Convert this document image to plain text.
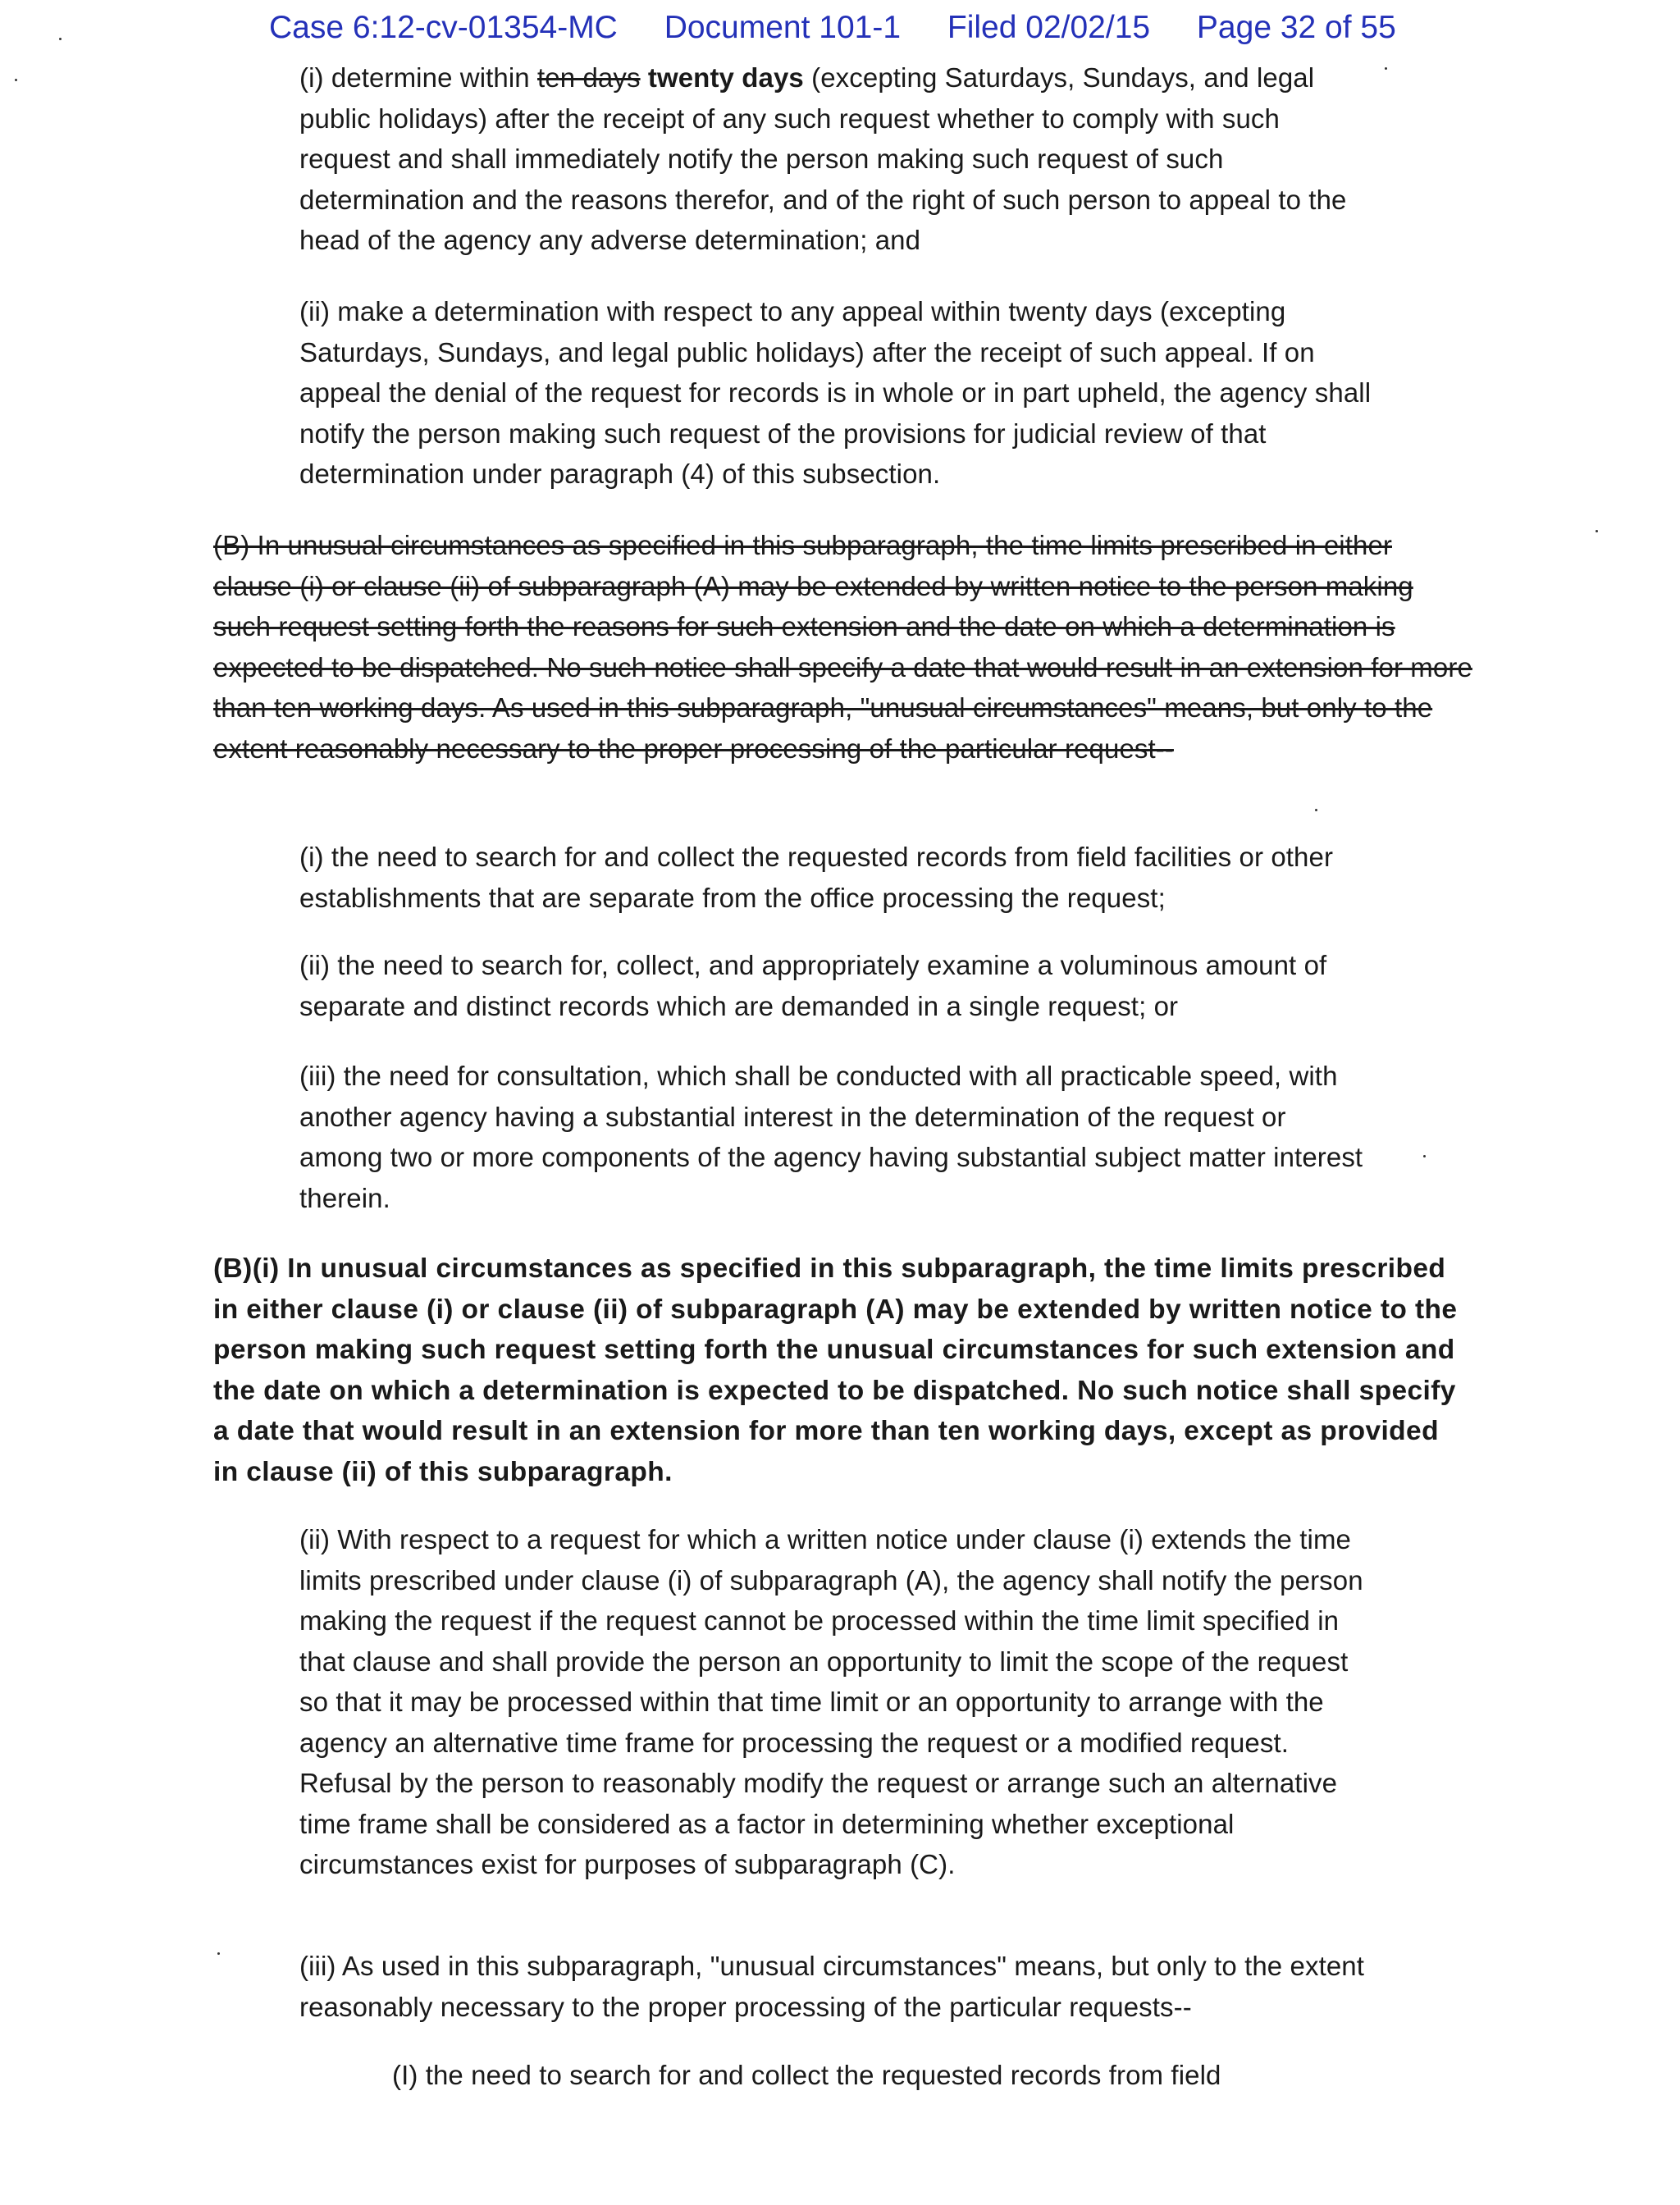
Case 6:12-cv-01354-MC Document 101-1 Filed 02/02/15 Page 32 of 55
(i) determine within ten days twenty days (excepting Saturdays, Sundays, and legal public holidays) after the receipt of any such request whether to comply with such request and shall immediately notify the person making such request of such determination and the reasons therefor, and of the right of such person to appeal to the head of the agency any adverse determination; and
(ii) make a determination with respect to any appeal within twenty days (excepting Saturdays, Sundays, and legal public holidays) after the receipt of such appeal. If on appeal the denial of the request for records is in whole or in part upheld, the agency shall notify the person making such request of the provisions for judicial review of that determination under paragraph (4) of this subsection.
(B) In unusual circumstances as specified in this subparagraph, the time limits prescribed in either clause (i) or clause (ii) of subparagraph (A) may be extended by written notice to the person making such request setting forth the reasons for such extension and the date on which a determination is expected to be dispatched. No such notice shall specify a date that would result in an extension for more than ten working days. As used in this subparagraph, "unusual circumstances" means, but only to the extent reasonably necessary to the proper processing of the particular request--
(i) the need to search for and collect the requested records from field facilities or other establishments that are separate from the office processing the request;
(ii) the need to search for, collect, and appropriately examine a voluminous amount of separate and distinct records which are demanded in a single request; or
(iii) the need for consultation, which shall be conducted with all practicable speed, with another agency having a substantial interest in the determination of the request or among two or more components of the agency having substantial subject matter interest therein.
(B)(i) In unusual circumstances as specified in this subparagraph, the time limits prescribed in either clause (i) or clause (ii) of subparagraph (A) may be extended by written notice to the person making such request setting forth the unusual circumstances for such extension and the date on which a determination is expected to be dispatched. No such notice shall specify a date that would result in an extension for more than ten working days, except as provided in clause (ii) of this subparagraph.
(ii) With respect to a request for which a written notice under clause (i) extends the time limits prescribed under clause (i) of subparagraph (A), the agency shall notify the person making the request if the request cannot be processed within the time limit specified in that clause and shall provide the person an opportunity to limit the scope of the request so that it may be processed within that time limit or an opportunity to arrange with the agency an alternative time frame for processing the request or a modified request. Refusal by the person to reasonably modify the request or arrange such an alternative time frame shall be considered as a factor in determining whether exceptional circumstances exist for purposes of subparagraph (C).
(iii) As used in this subparagraph, "unusual circumstances" means, but only to the extent reasonably necessary to the proper processing of the particular requests--
(I) the need to search for and collect the requested records from field
